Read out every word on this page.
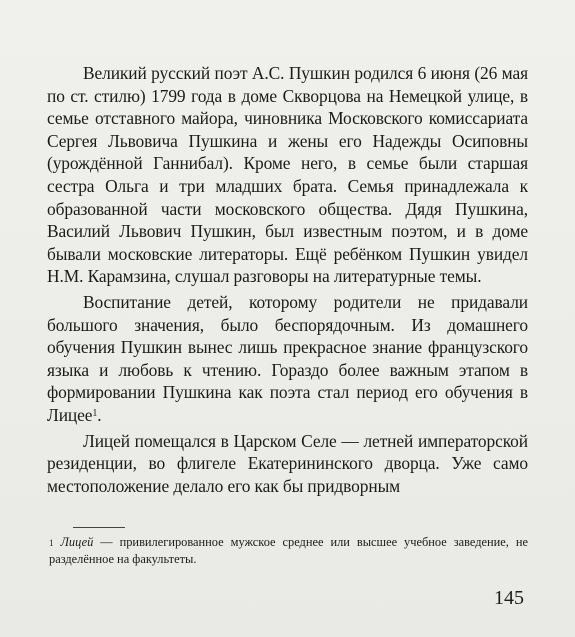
Великий русский поэт А.С. Пушкин родился 6 июня (26 мая по ст. стилю) 1799 года в доме Скворцова на Немецкой улице, в семье отставного майора, чиновника Московского комиссариата Сергея Львовича Пушкина и жены его Надежды Осиповны (урождённой Ганнибал). Кроме него, в семье были старшая сестра Ольга и три младших брата. Семья принадлежала к образованной части московского общества. Дядя Пушкина, Василий Львович Пушкин, был известным поэтом, и в доме бывали московские литераторы. Ещё ребёнком Пушкин увидел Н.М. Карамзина, слушал разговоры на литературные темы.

Воспитание детей, которому родители не придавали большого значения, было беспорядочным. Из домашнего обучения Пушкин вынес лишь прекрасное знание французского языка и любовь к чтению. Гораздо более важным этапом в формировании Пушкина как поэта стал период его обучения в Лицее$^1$.

Лицей помещался в Царском Селе — летней императорской резиденции, во флигеле Екатерининского дворца. Уже само местоположение делало его как бы придворным

$^1$ Лицей — привилегированное мужское среднее или высшее учебное заведение, не разделённое на факультеты.

145
